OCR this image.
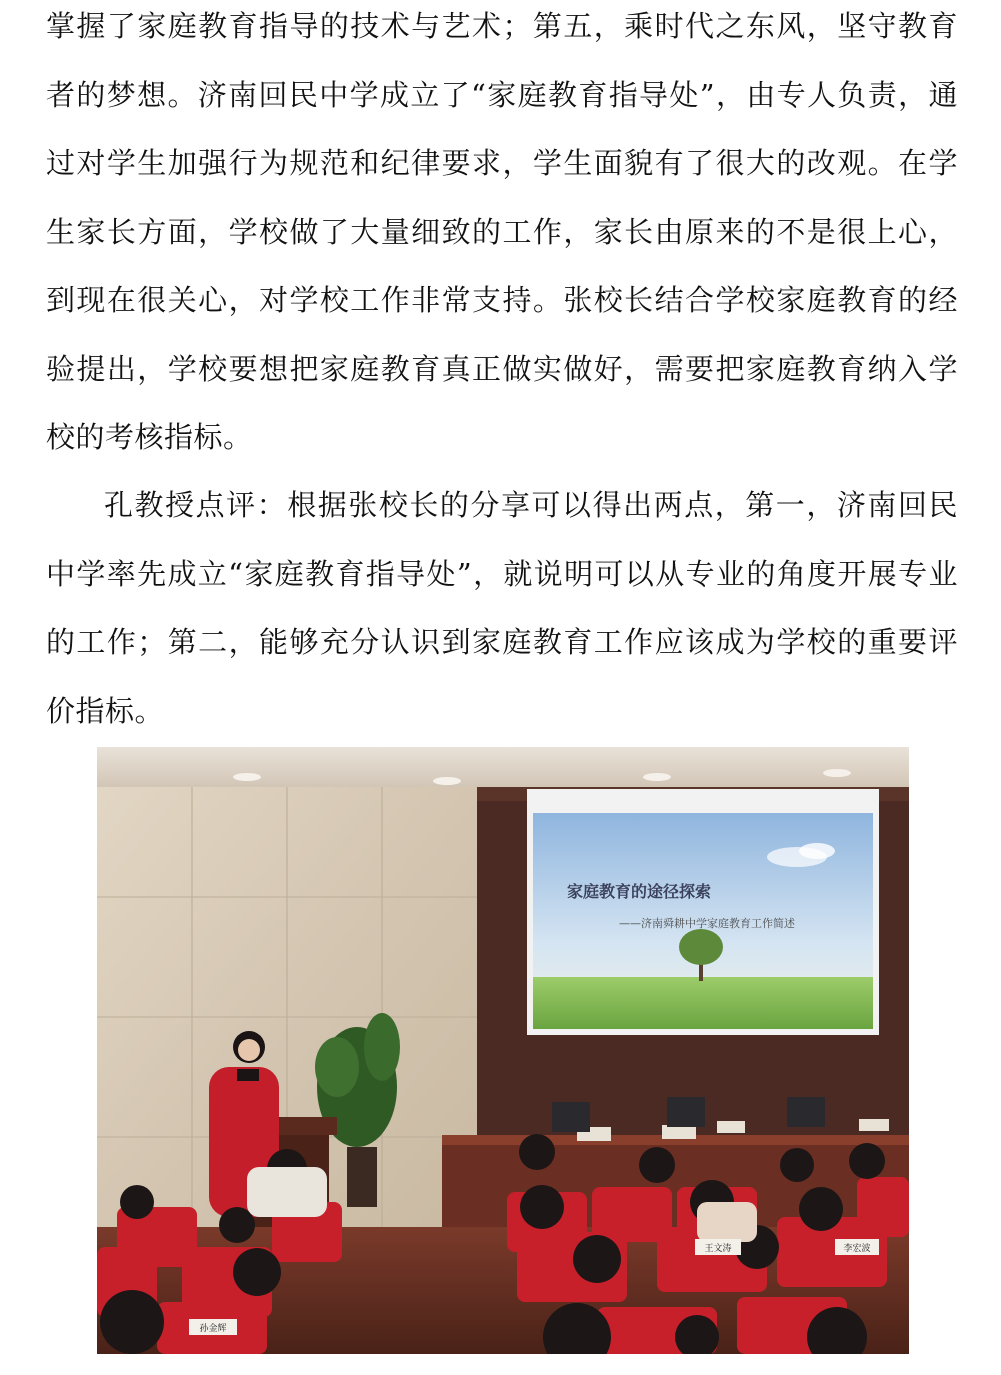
掌握了家庭教育指导的技术与艺术；第五，乘时代之东风，坚守教育者的梦想。济南回民中学成立了“家庭教育指导处”，由专人负责，通过对学生加强行为规范和纪律要求，学生面貌有了很大的改观。在学生家长方面，学校做了大量细致的工作，家长由原来的不是很上心，到现在很关心，对学校工作非常支持。张校长结合学校家庭教育的经验提出，学校要想把家庭教育真正做实做好，需要把家庭教育纳入学校的考核指标。

孔教授点评：根据张校长的分享可以得出两点，第一，济南回民中学率先成立“家庭教育指导处”，就说明可以从专业的角度开展专业的工作；第二，能够充分认识到家庭教育工作应该成为学校的重要评价指标。

家庭教育的途径探索
——济南舜耕中学家庭教育工作简述
王文涛	李宏波
孙金辉
